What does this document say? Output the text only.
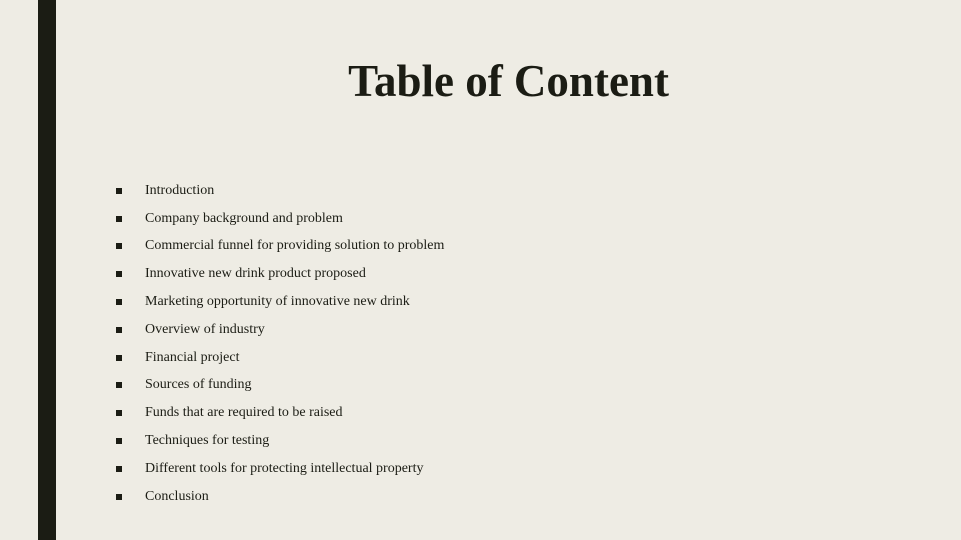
Table of Content
Introduction
Company background and problem
Commercial funnel for providing solution to problem
Innovative new drink product proposed
Marketing opportunity of innovative new drink
Overview of industry
Financial project
Sources of funding
Funds that are required to be raised
Techniques for testing
Different tools for protecting intellectual property
Conclusion
